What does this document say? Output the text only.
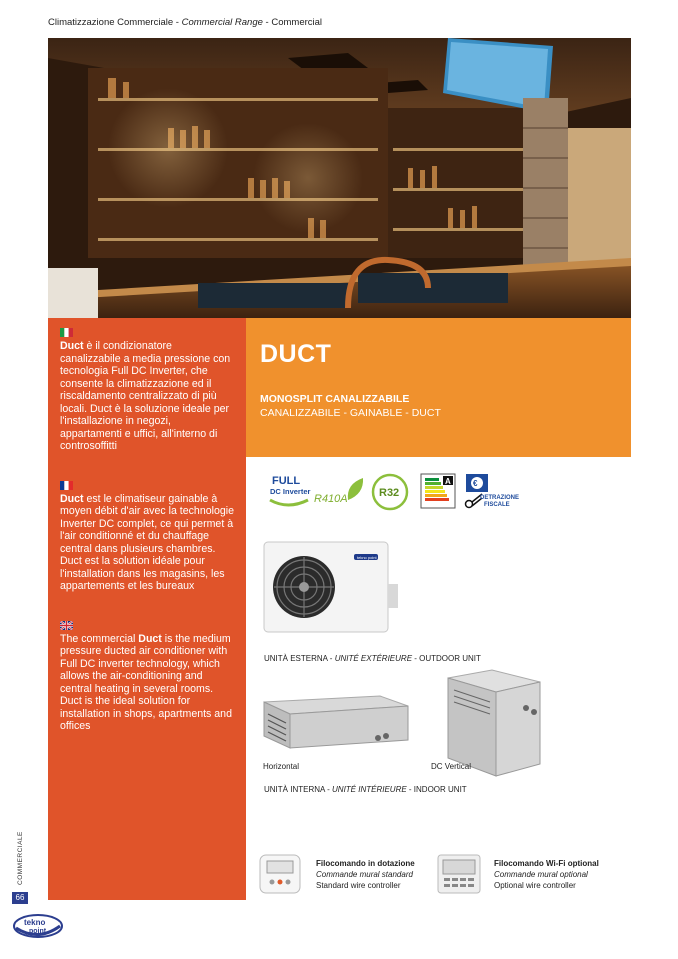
Climatizzazione Commerciale - Commercial Range - Commercial

Duct è il condizionatore canalizzabile a media pressione con tecnologia Full DC Inverter, che consente la climatizzazione ed il riscaldamento centralizzato di più locali. Duct è la soluzione ideale per l'installazione in negozi, appartamenti e uffici, all'interno di controsoffitti

Duct est le climatiseur gainable à moyen débit d'air avec la technologie Inverter DC complet, ce qui permet à l'air conditionné et du chauffage central dans plusieurs chambres. Duct est la solution idéale pour l'installation dans les magasins, les appartements et les bureaux

The commercial Duct is the medium pressure ducted air conditioner with Full DC inverter technology, which allows the air-conditioning and central heating in several rooms. Duct is the ideal solution for installation in shops, apartments and offices

DUCT
MONOSPLIT CANALIZZABILE
CANALIZZABILE - GAINABLE - DUCT
FULL
DC Inverter
R410A	R32
A	€
DETRAZIONE
FISCALE
tekno point
UNITÀ ESTERNA - UNITÉ EXTÉRIEURE - OUTDOOR UNIT
Horizontal	DC Vertical
UNITÀ INTERNA - UNITÉ INTÉRIEURE - INDOOR UNIT
Filocomando in dotazione
Commande mural standard
Standard wire controller
Filocomando Wi-Fi optional
Commande mural optional
Optional wire controller
COMMERCIALE
66
tekno
point
